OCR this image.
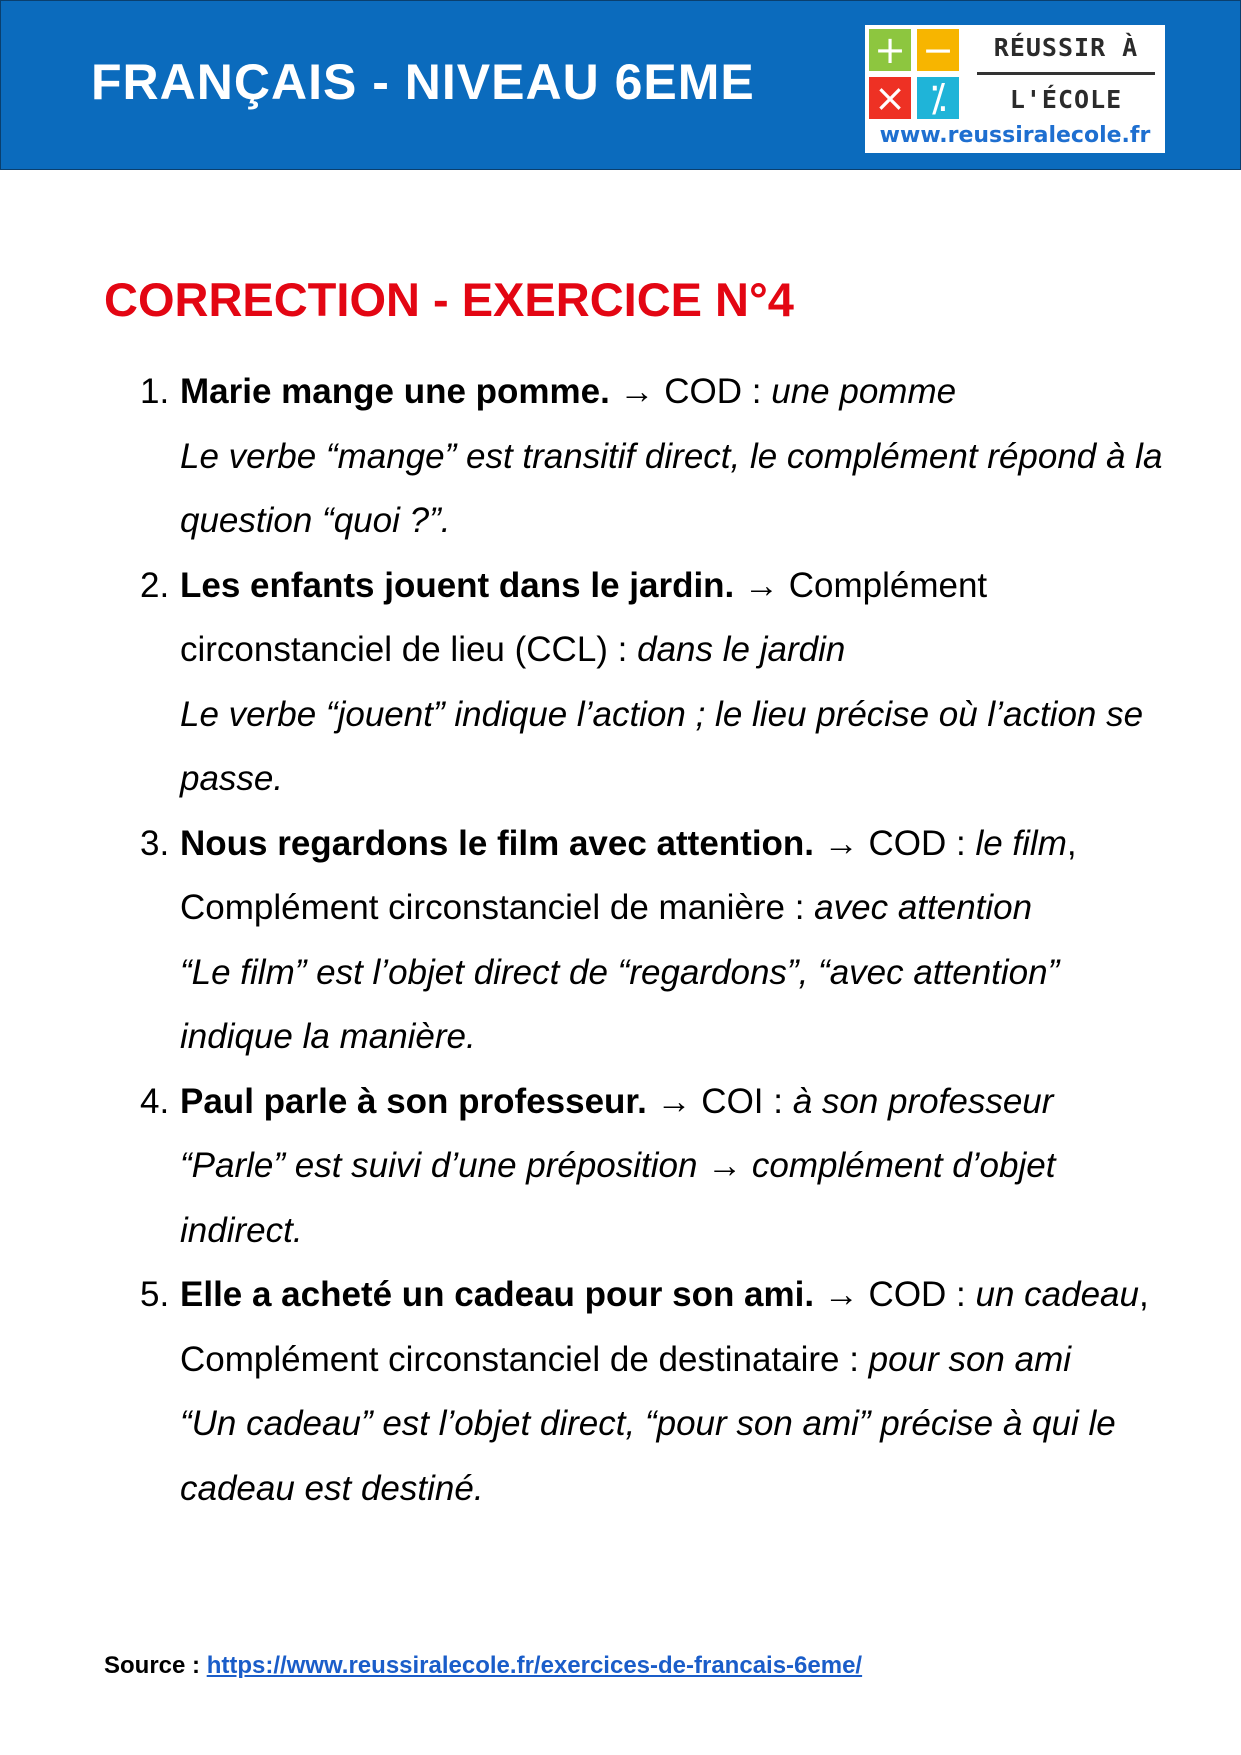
FRANÇAIS - NIVEAU 6EME
+ −
× ⁒
RÉUSSIR À
L'ÉCOLE
www.reussiralecole.fr
CORRECTION - EXERCICE N°4
1. Marie mange une pomme. → COD : une pomme
Le verbe “mange” est transitif direct, le complément répond à la question “quoi ?”.
2. Les enfants jouent dans le jardin. → Complément circonstanciel de lieu (CCL) : dans le jardin
Le verbe “jouent” indique l’action ; le lieu précise où l’action se passe.
3. Nous regardons le film avec attention. → COD : le film, Complément circonstanciel de manière : avec attention
“Le film” est l’objet direct de “regardons”, “avec attention” indique la manière.
4. Paul parle à son professeur. → COI : à son professeur
“Parle” est suivi d’une préposition → complément d’objet indirect.
5. Elle a acheté un cadeau pour son ami. → COD : un cadeau, Complément circonstanciel de destinataire : pour son ami
“Un cadeau” est l’objet direct, “pour son ami” précise à qui le cadeau est destiné.
Source : https://www.reussiralecole.fr/exercices-de-francais-6eme/
